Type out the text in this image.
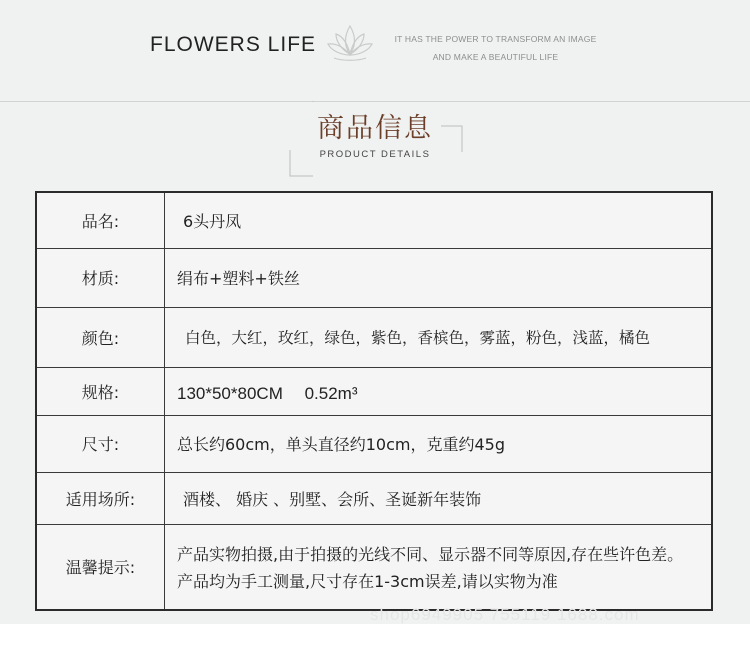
FLOWERS LIFE	IT HAS THE POWER TO TRANSFORM AN IMAGE
AND MAKE A BEAUTIFUL LIFE
商品信息
PRODUCT DETAILS
品名:	6头丹凤
材质:	绢布+塑料+铁丝
颜色:	白色，大红，玫红，绿色，紫色，香槟色，雾蓝，粉色，浅蓝，橘色
规格:	130*50*80CM　 0.52m³
尺寸:	总长约60cm，单头直径约10cm，克重约45g
适用场所:	酒楼、 婚庆 、别墅、会所、圣诞新年装饰
温馨提示:	产品实物拍摄,由于拍摄的光线不同、显示器不同等原因,存在些许色差。产品均为手工测量,尺寸存在1-3cm误差,请以实物为准
shop6949905 755119 1688.com
